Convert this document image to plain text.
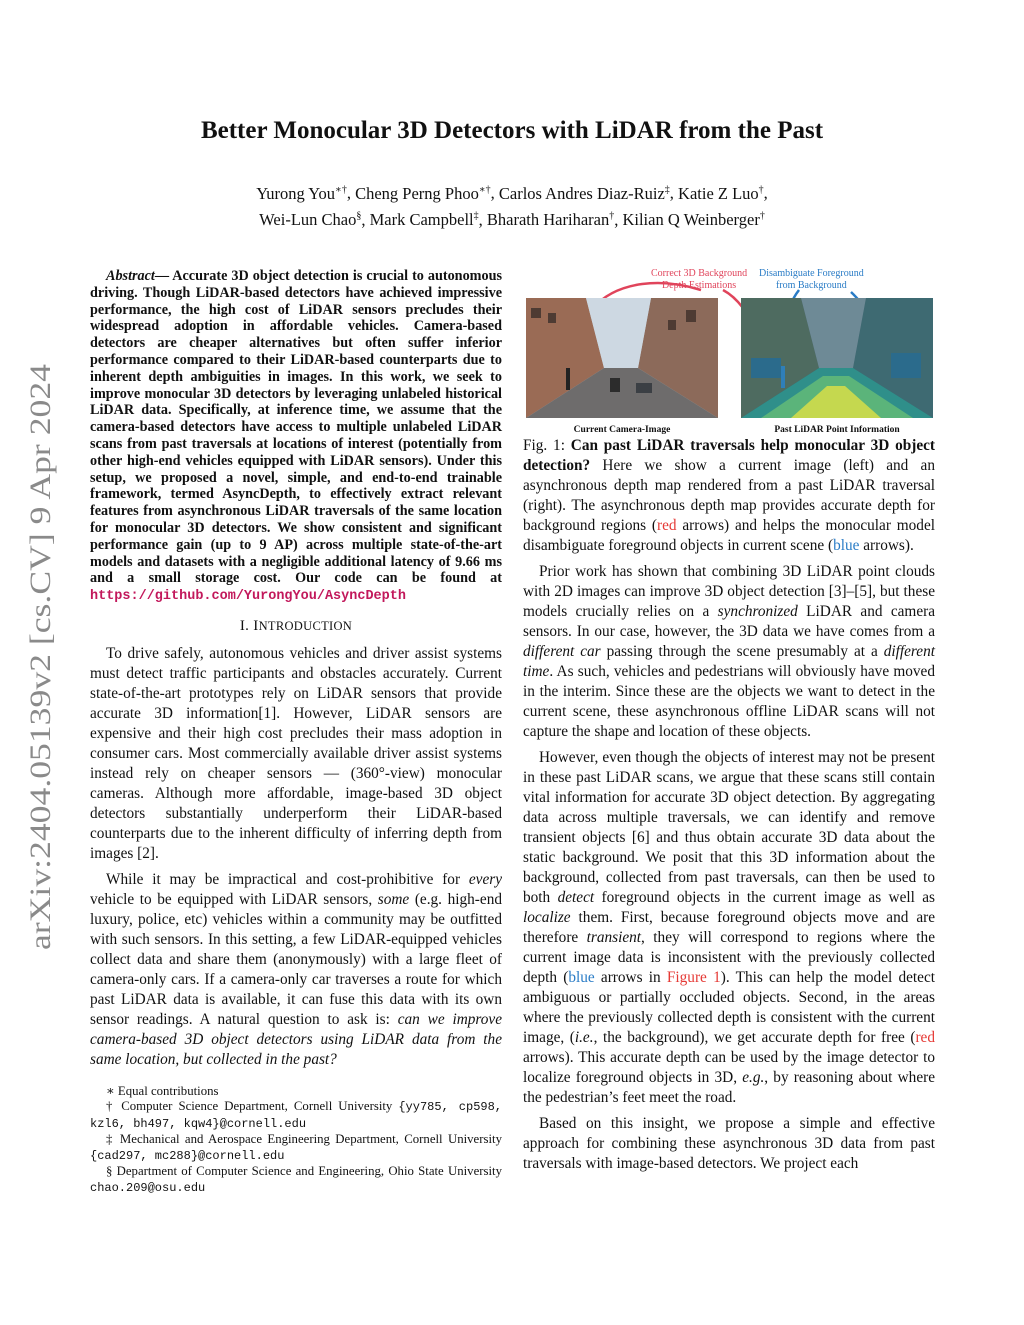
arXiv:2404.05139v2 [cs.CV] 9 Apr 2024
Better Monocular 3D Detectors with LiDAR from the Past
Yurong You∗†, Cheng Perng Phoo∗†, Carlos Andres Diaz-Ruiz‡, Katie Z Luo†,
Wei-Lun Chao§, Mark Campbell‡, Bharath Hariharan†, Kilian Q Weinberger†
Abstract— Accurate 3D object detection is crucial to autonomous driving. Though LiDAR-based detectors have achieved impressive performance, the high cost of LiDAR sensors precludes their widespread adoption in affordable vehicles. Camera-based detectors are cheaper alternatives but often suffer inferior performance compared to their LiDAR-based counterparts due to inherent depth ambiguities in images. In this work, we seek to improve monocular 3D detectors by leveraging unlabeled historical LiDAR data. Specifically, at inference time, we assume that the camera-based detectors have access to multiple unlabeled LiDAR scans from past traversals at locations of interest (potentially from other high-end vehicles equipped with LiDAR sensors). Under this setup, we proposed a novel, simple, and end-to-end trainable framework, termed AsyncDepth, to effectively extract relevant features from asynchronous LiDAR traversals of the same location for monocular 3D detectors. We show consistent and significant performance gain (up to 9 AP) across multiple state-of-the-art models and datasets with a negligible additional latency of 9.66 ms and a small storage cost. Our code can be found at https://github.com/YurongYou/AsyncDepth
I. INTRODUCTION

To drive safely, autonomous vehicles and driver assist systems must detect traffic participants and obstacles accurately. Current state-of-the-art prototypes rely on LiDAR sensors that provide accurate 3D information[1]. However, LiDAR sensors are expensive and their high cost precludes their mass adoption in consumer cars. Most commercially available driver assist systems instead rely on cheaper sensors — (360°-view) monocular cameras. Although more affordable, image-based 3D object detectors substantially underperform their LiDAR-based counterparts due to the inherent difficulty of inferring depth from images [2].

While it may be impractical and cost-prohibitive for every vehicle to be equipped with LiDAR sensors, some (e.g. high-end luxury, police, etc) vehicles within a community may be outfitted with such sensors. In this setting, a few LiDAR-equipped vehicles collect data and share them (anonymously) with a large fleet of camera-only cars. If a camera-only car traverses a route for which past LiDAR data is available, it can fuse this data with its own sensor readings. A natural question to ask is: can we improve camera-based 3D object detectors using LiDAR data from the same location, but collected in the past?

∗ Equal contributions
† Computer Science Department, Cornell University {yy785, cp598, kzl6, bh497, kqw4}@cornell.edu
‡ Mechanical and Aerospace Engineering Department, Cornell University {cad297, mc288}@cornell.edu
§ Department of Computer Science and Engineering, Ohio State University chao.209@osu.edu
Correct 3D Background
Depth Estimations
Disambiguate Foreground
from Background
Current Camera-Image	Past LiDAR Point Information
Fig. 1: Can past LiDAR traversals help monocular 3D object detection? Here we show a current image (left) and an asynchronous depth map rendered from a past LiDAR traversal (right). The asynchronous depth map provides accurate depth for background regions (red arrows) and helps the monocular model disambiguate foreground objects in current scene (blue arrows).

Prior work has shown that combining 3D LiDAR point clouds with 2D images can improve 3D object detection [3]–[5], but these models crucially relies on a synchronized LiDAR and camera sensors. In our case, however, the 3D data we have comes from a different car passing through the scene presumably at a different time. As such, vehicles and pedestrians will obviously have moved in the interim. Since these are the objects we want to detect in the current scene, these asynchronous offline LiDAR scans will not capture the shape and location of these objects.

However, even though the objects of interest may not be present in these past LiDAR scans, we argue that these scans still contain vital information for accurate 3D object detection. By aggregating data across multiple traversals, we can identify and remove transient objects [6] and thus obtain accurate 3D data about the static background. We posit that this 3D information about the background, collected from past traversals, can then be used to both detect foreground objects in the current image as well as localize them. First, because foreground objects move and are therefore transient, they will correspond to regions where the current image data is inconsistent with the previously collected depth (blue arrows in Figure 1). This can help the model detect ambiguous or partially occluded objects. Second, in the areas where the previously collected depth is consistent with the current image, (i.e., the background), we get accurate depth for free (red arrows). This accurate depth can be used by the image detector to localize foreground objects in 3D, e.g., by reasoning about where the pedestrian’s feet meet the road.

Based on this insight, we propose a simple and effective approach for combining these asynchronous 3D data from past traversals with image-based detectors. We project each
